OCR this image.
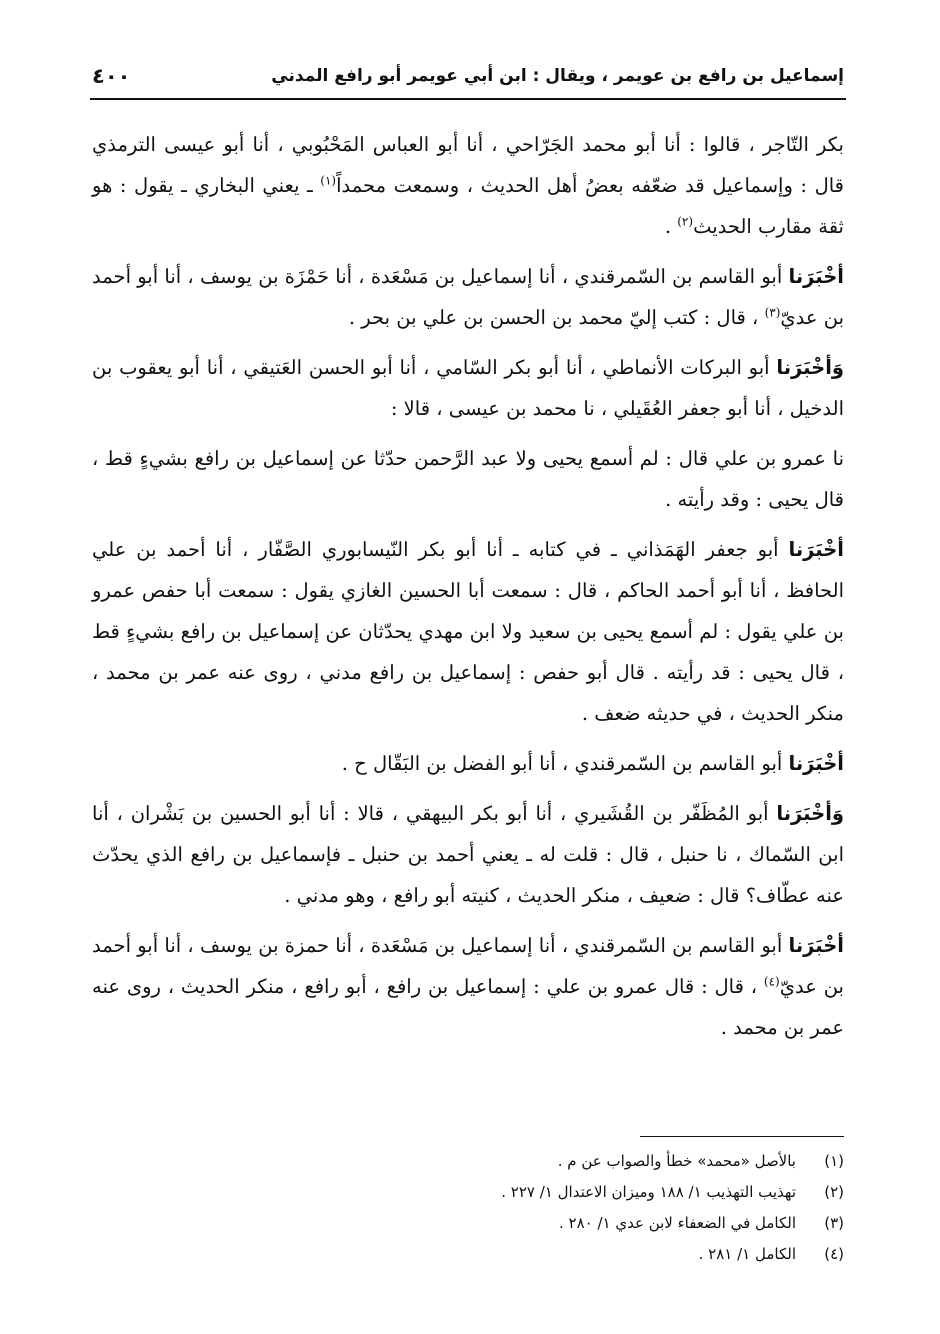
إسماعيل بن رافع بن عويمر ، ويقال : ابن أبي عويمر أبو رافع المدني
٤٠٠

بكر التّاجر ، قالوا : أنا أبو محمد الجَرّاحي ، أنا أبو العباس المَحْبُوبي ، أنا أبو عيسى الترمذي قال : وإسماعيل قد ضعّفه بعضُ أهل الحديث ، وسمعت محمداً$^{(١)}$ ـ يعني البخاري ـ يقول : هو ثقة مقارب الحديث$^{(٢)}$ .

أخْبَرَنا أبو القاسم بن السّمرقندي ، أنا إسماعيل بن مَسْعَدة ، أنا حَمْزَة بن يوسف ، أنا أبو أحمد بن عديّ$^{(٣)}$ ، قال : كتب إليّ محمد بن الحسن بن علي بن بحر .

وَأخْبَرَنا أبو البركات الأنماطي ، أنا أبو بكر السّامي ، أنا أبو الحسن العَتيقي ، أنا أبو يعقوب بن الدخيل ، أنا أبو جعفر العُقَيلي ، نا محمد بن عيسى ، قالا :

نا عمرو بن علي قال : لم أسمع يحيى ولا عبد الرَّحمن حدّثا عن إسماعيل بن رافع بشيءٍ قط ، قال يحيى : وقد رأيته .

أخْبَرَنا أبو جعفر الهَمَذاني ـ في كتابه ـ أنا أبو بكر النّيسابوري الصَّفّار ، أنا أحمد بن علي الحافظ ، أنا أبو أحمد الحاكم ، قال : سمعت أبا الحسين الغازي يقول : سمعت أبا حفص عمرو بن علي يقول : لم أسمع يحيى بن سعيد ولا ابن مهدي يحدّثان عن إسماعيل بن رافع بشيءٍ قط ، قال يحيى : قد رأيته . قال أبو حفص : إسماعيل بن رافع مدني ، روى عنه عمر بن محمد ، منكر الحديث ، في حديثه ضعف .

أخْبَرَنا أبو القاسم بن السّمرقندي ، أنا أبو الفضل بن البَقّال ح .

وَأخْبَرَنا أبو المُظَفّر بن القُشَيري ، أنا أبو بكر البيهقي ، قالا : أنا أبو الحسين بن بَشْران ، أنا ابن السّماك ، نا حنبل ، قال : قلت له ـ يعني أحمد بن حنبل ـ فإسماعيل بن رافع الذي يحدّث عنه عطّاف؟ قال : ضعيف ، منكر الحديث ، كنيته أبو رافع ، وهو مدني .

أخْبَرَنا أبو القاسم بن السّمرقندي ، أنا إسماعيل بن مَسْعَدة ، أنا حمزة بن يوسف ، أنا أبو أحمد بن عديّ$^{(٤)}$ ، قال : قال عمرو بن علي : إسماعيل بن رافع ، أبو رافع ، منكر الحديث ، روى عنه عمر بن محمد .

(١)
بالأصل «محمد» خطأ والصواب عن م .
(٢)
تهذيب التهذيب ١/ ١٨٨ وميزان الاعتدال ١/ ٢٢٧ .
(٣)
الكامل في الضعفاء لابن عدي ١/ ٢٨٠ .
(٤)
الكامل ١/ ٢٨١ .
